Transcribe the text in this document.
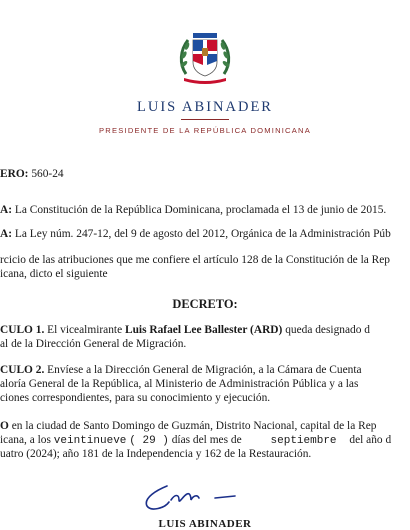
LUIS ABINADER
PRESIDENTE DE LA REPÚBLICA DOMINICANA
ERO: 560-24
A: La Constitución de la República Dominicana, proclamada el 13 de junio de 2015.
A: La Ley núm. 247-12, del 9 de agosto del 2012, Orgánica de la Administración Púb
rcicio de las atribuciones que me confiere el artículo 128 de la Constitución de la Rep
icana, dicto el siguiente
DECRETO:
CULO 1. El vicealmirante Luis Rafael Lee Ballester (ARD) queda designado d
al de la Dirección General de Migración.
CULO 2. Envíese a la Dirección General de Migración, a la Cámara de Cuenta
aloría General de la República, al Ministerio de Administración Pública y a las
ciones correspondientes, para su conocimiento y ejecución.
O en la ciudad de Santo Domingo de Guzmán, Distrito Nacional, capital de la Rep
icana, a los veintinueve ( 29 ) días del mes de	septiembre del año d
uatro (2024); año 181 de la Independencia y 162 de la Restauración.
LUIS ABINADER
